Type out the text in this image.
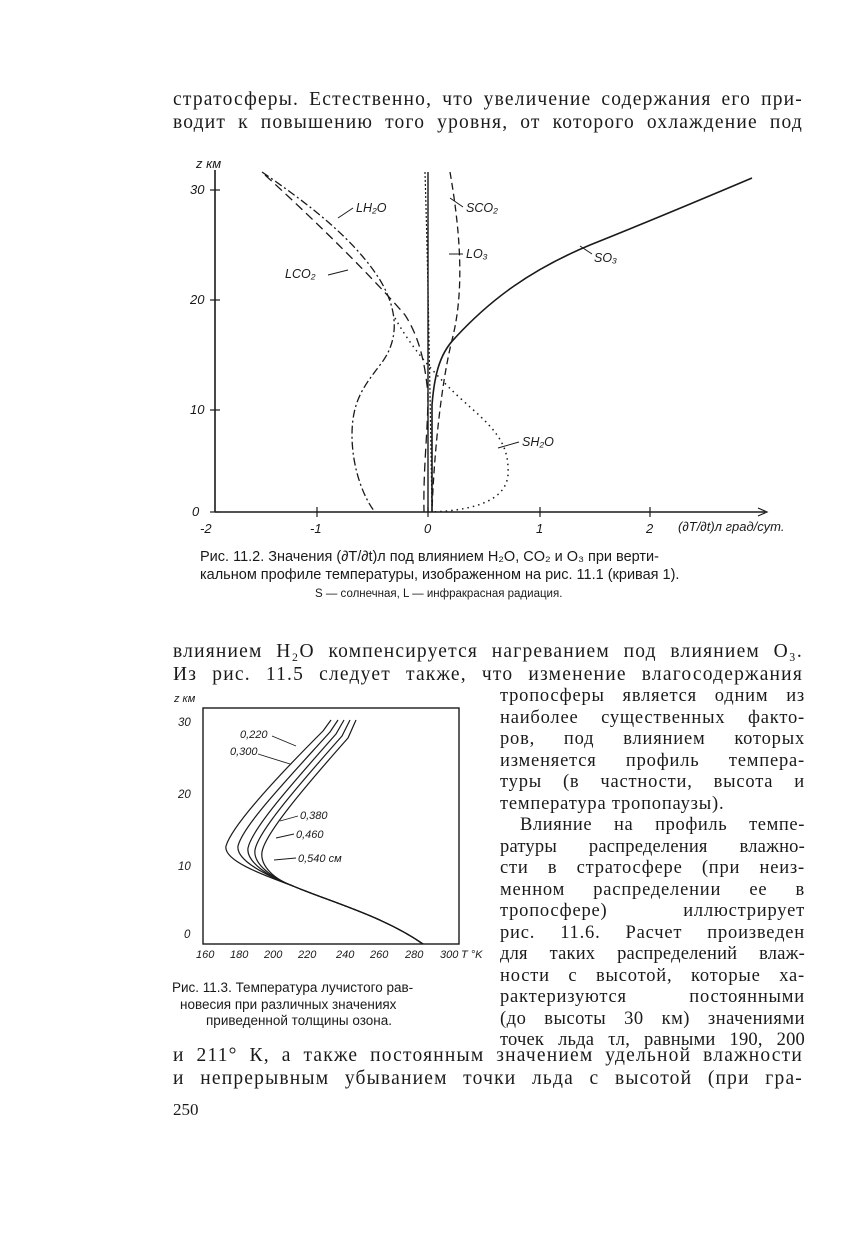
стратосферы. Естественно, что увеличение содержания его при-
водит к повышению того уровня, от которого охлаждение под
0
10
20
30
z км
-2	-1	0	1	2 (∂T/∂t)л град/сут.
LH₂O
LCO₂
SCO₂
LO₃	SO₃
SH₂O
Рис. 11.2. Значения (∂T/∂t)л под влиянием H₂O, CO₂ и O₃ при верти-
кальном профиле температуры, изображенном на рис. 11.1 (кривая 1).
S — солнечная, L — инфракрасная радиация.
влиянием H₂O компенсируется нагреванием под влиянием O₃.
Из рис. 11.5 следует также, что изменение влагосодержания
z км
30
20
10
0
160 180 200 220 240 260 280 300 T °K
0,220
0,300
0,380
0,460
0,540 см
Рис. 11.3. Температура лучистого рав-
новесия при различных значениях
приведенной толщины озона.
тропосферы является одним из
наиболее существенных факто-
ров, под влиянием которых
изменяется профиль темпера-
туры (в частности, высота и
температура тропопаузы).
Влияние на профиль темпе-
ратуры распределения влажно-
сти в стратосфере (при неиз-
менном распределении ее в
тропосфере) иллюстрирует
рис. 11.6. Расчет произведен
для таких распределений влаж-
ности с высотой, которые ха-
рактеризуются постоянными
(до высоты 30 км) значениями
точек льда τл, равными 190, 200
и 211° К, а также постоянным значением удельной влажности
и непрерывным убыванием точки льда с высотой (при гра-
250
